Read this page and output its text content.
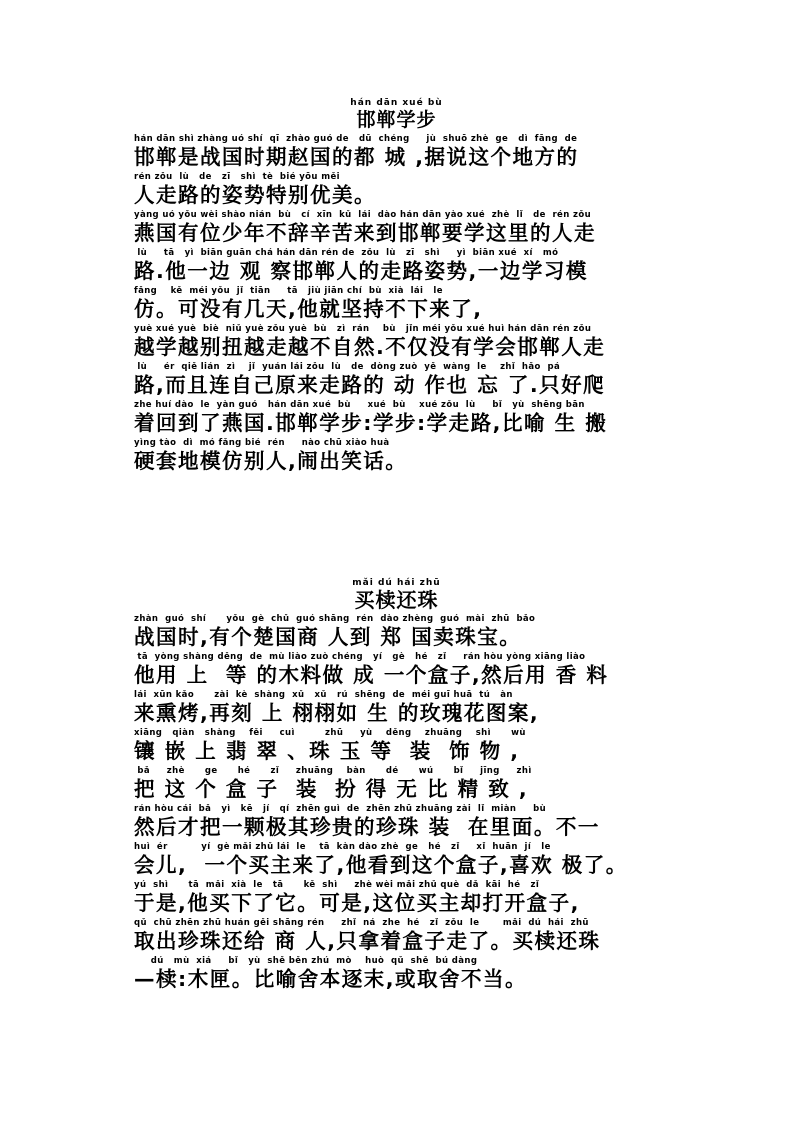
hán dān xué bù
邯郸学步
hán dān shì zhàng uó shí  qī  zhào guó de   dū  chéng     jù  shuō zhè  ge   dì  fāng  de
邯郸是战国时期赵国的都 城 ,据说这个地方的
rén zǒu  lù   de   zī   shì  tè  bié yōu měi
人走路的姿势特别优美。
yàng uó yǒu wèi shào nián  bù   cí  xīn  kǔ  lái  dào hán dān yào xué  zhè  lǐ   de  rén zǒu
燕国有位少年不辞辛苦来到邯郸要学这里的人走
lù     tā   yì  biān guān chá hán dān rén de  zǒu  lù   zī   shì     yì  biān xué  xí   mó
路.他一边 观 察邯郸人的走路姿势,一边学习模
fǎng    kě  méi yǒu  jǐ  tiān     tā   jiù jiān chí  bù  xià  lái   le
仿。可没有几天,他就坚持不下来了,
yuè xué yuè  biè  niǔ yuè zǒu yuè  bù   zì  rán    bù   jǐn méi yǒu xué huì hán dān rén zǒu
越学越别扭越走越不自然.不仅没有学会邯郸人走
lù     ér  qiě lián  zì    jǐ  yuán lái zǒu  lù   de  dòng zuò  yě  wàng  le    zhǐ  hǎo  pá
路,而且连自己原来走路的 动 作也 忘 了.只好爬
zhe huí dào  le  yàn guó   hán dān xué  bù     xué  bù    xué zǒu  lù     bǐ   yù  shēng bān
着回到了燕国.邯郸学步:学步:学走路,比喻 生 搬
yìng tào  dì  mó fǎng bié  rén     nào chū xiào huà
硬套地模仿别人,闹出笑话。
mǎi dú hái zhū
买椟还珠
zhàn  guó  shí      yǒu  gè  chǔ  guó shāng  rén  dào zhèng  guó  mài  zhū  bǎo
战国时,有个楚国商 人到 郑 国卖珠宝。
tā  yòng shàng děng  de  mù liào zuò chéng   yí   gè   hé   zǐ     rán hòu yòng xiāng liào
他用 上  等 的木料做 成 一个盒子,然后用 香 料
lái  xūn kǎo      zài  kè  shàng  xǔ   xǔ   rú  shēng  de  méi guī huā  tú   àn
来熏烤,再刻 上 栩栩如 生 的玫瑰花图案,
xiāng   qiàn   shàng    fěi     cuì         zhū     yù    děng    zhuāng    shì      wù
镶 嵌 上 翡 翠 、珠 玉 等  装  饰 物 ,
bǎ     zhè      ge      hé      zǐ     zhuāng    bàn      dé      wú      bǐ     jīng     zhì
把 这 个 盒 子  装  扮 得 无 比 精 致 ,
rán hòu cái  bǎ   yì   kē   jí   qí  zhēn guì  de  zhēn zhū zhuāng zài  lǐ  miàn     bù
然后才把一颗极其珍贵的珍珠 装  在里面。不一
huì  ér          yí  gè mǎi zhǔ lái  le    tā  kàn dào zhè  ge   hé   zǐ     xǐ  huān  jí   le
会儿,  一个买主来了,他看到这个盒子,喜欢 极了。
yú  shì      tā  mǎi  xià  le   tā      kě  shì     zhè wèi mǎi zhǔ què  dǎ  kāi  hé   zǐ
于是,他买下了它。可是,这位买主却打开盒子,
qǔ  chū zhēn zhū huán gěi shāng rén     zhǐ  ná  zhe  hé   zǐ  zǒu  le       mǎi  dú  hái  zhū
取出珍珠还给 商 人,只拿着盒子走了。买椟还珠
dú   mù  xiá     bǐ   yù  shě běn zhú  mò    huò  qǔ  shě  bú dàng
—椟:木匣。比喻舍本逐末,或取舍不当。
